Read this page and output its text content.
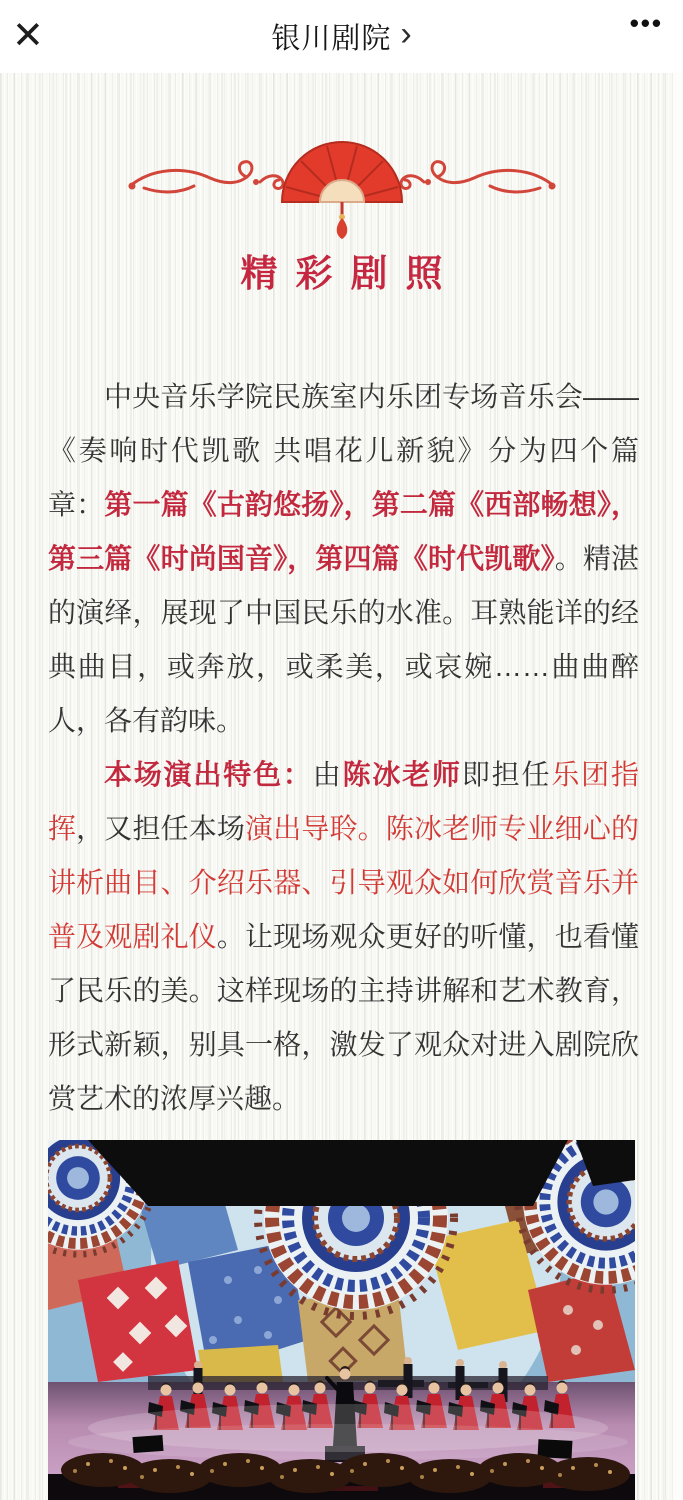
✕	银川剧院 ›	•••
精彩剧照

中央音乐学院民族室内乐团专场音乐会——《奏响时代凯歌 共唱花儿新貌》分为四个篇章：第一篇《古韵悠扬》，第二篇《西部畅想》，第三篇《时尚国音》，第四篇《时代凯歌》。精湛的演绎，展现了中国民乐的水准。耳熟能详的经典曲目，或奔放，或柔美，或哀婉……曲曲醉人，各有韵味。

本场演出特色：由陈冰老师即担任乐团指挥，又担任本场演出导聆。陈冰老师专业细心的讲析曲目、介绍乐器、引导观众如何欣赏音乐并普及观剧礼仪。让现场观众更好的听懂，也看懂了民乐的美。这样现场的主持讲解和艺术教育，形式新颖，别具一格，激发了观众对进入剧院欣赏艺术的浓厚兴趣。
